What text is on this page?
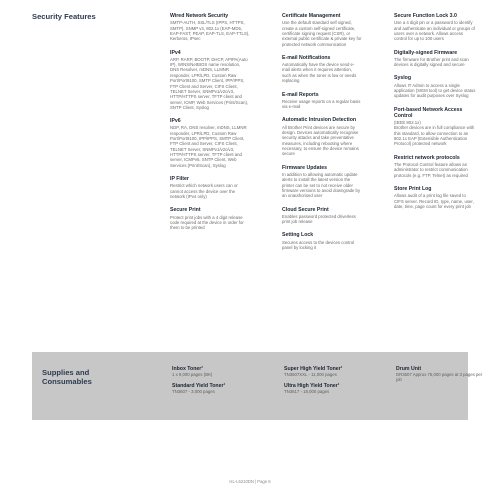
Security Features	Wired Network Security
SMTP-AUTH, SSL/TLS (IPPS, HTTPS, SMTP), SNMP v3, 802.1x (EAP-MD5, EAP-FAST, PEAP, EAP-TLS, EAP-TTLS), Kerberos, IPsec
IPv4
ARP, RARP, BOOTP, DHCP, APIPA(Auto IP), WINS/NetBIOS name resolution, DNS Resolver, mDNS, LLMNR responder, LPR/LPD, Custom Raw Port/Port9100, SMTP Client, IPP/IPPS, FTP Client and Server, CIFS Client, TELNET Server, SNMPv1/v2c/v3, HTTP/HTTPS server, TFTP client and server, ICMP, Web Services (Print/Scan), SNTP Client, Syslog
IPv6
NDP, RA, DNS resolver, mDNS, LLMNR responder, LPR/LPD, Custom Raw Port/Port9100, IPP/IPPS, SMTP Client, FTP Client and Server, CIFS Client, TELNET Server, SNMPv1/v2c/v3, HTTP/HTTPS server, TFTP client and server, ICMPv6, SNTP Client, Web Services (Print/Scan), Syslog
IP Filter
Restrict which network users can or cannot access the device over the network (IPv4 only)
Secure Print
Protect print jobs with a 4 digit release code required at the device in order for them to be printed
Certificate Management
Use the default standard self signed, create a custom self-signed certificate, certificate signing request (CSR), or external public certificate & private key for protected network communication
E-mail Notifications
Automatically have the device send e-mail alerts when it requires attention, such as when the toner is low or needs replacing
E-mail Reports
Receive usage reports on a regular basis via e-mail
Automatic Intrusion Detection
All Brother Print devices are secure by design. Devices automatically recognise security attacks and take preventative measures, including rebooting where necessary, to ensure the device remains secure
Firmware Updates
In addition to allowing automatic update alerts to install the latest version the printer can be set to not receive older firmware versions to avoid downgrade by an unauthorised user
Cloud Secure Print
Enables password protected driverless print job release
Setting Lock
Secures access to the devices control panel by locking it
Secure Function Lock 3.0
Use a 4 digit pin or a password to identify and authenticate an individual or groups of users over a network. Allows access control for up to 100 users
Digitally-signed Firmware
The firmware for Brother print and scan devices is digitally signed and secure
Syslog
Allows IT Admin to access a single application (SIEM tool) to get device status updates for audit purposes over Syslog
Port-based Network Access Control
(IEEE 802.1x)
Brother devices are in full compliance with this standard, to allow connection to an 802.1x EAP (Extensible Authentication Protocol) protected network
Restrict network protocols
The Protocol Control feature allows an administrator to restrict communication protocols (e.g. FTP, Telnet) as required
Store Print Log
Allows audit of a print log file saved to CIFS server. Record ID, type, name, user, date, time, page count for every print job
Supplies and Consumables
Inbox Toner¹
1 x 9,000 pages (BK)
Standard Yield Toner¹
TN3607 - 3,000 pages
Super High Yield Toner¹
TN3607XXL - 11,000 pages
Ultra High Yield Toner¹
TN3617 - 18,000 pages
Drum Unit
DR3607 Approx 75,000 pages at 3 pages per job
HL-L5210DN | Page 6
